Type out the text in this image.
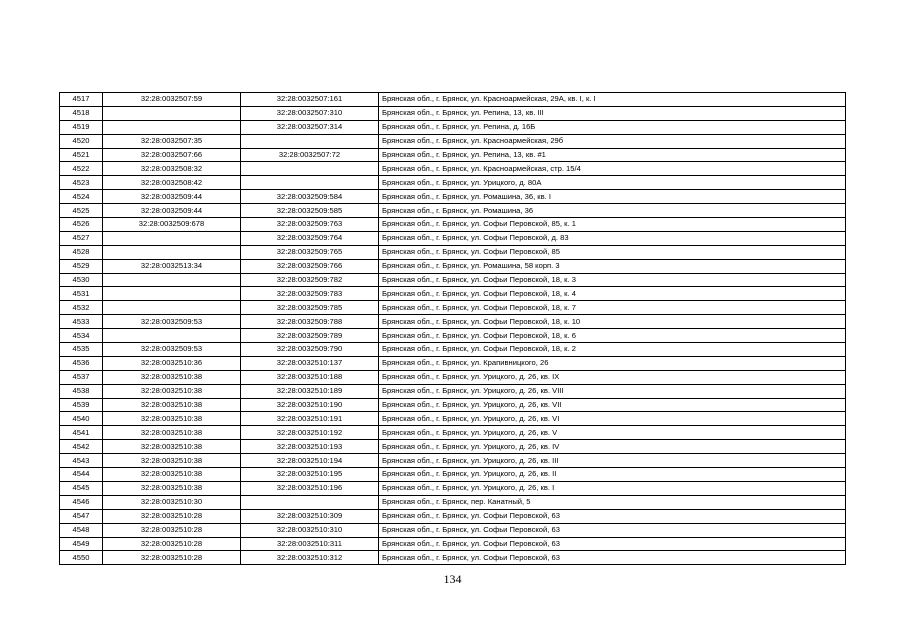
4517	32:28:0032507:59	32:28:0032507:161	Брянская обл., г. Брянск, ул. Красноармейская, 29А, кв. I, к. I
4518		32:28:0032507:310	Брянская обл., г. Брянск, ул. Репина, 13, кв. III
4519		32:28:0032507:314	Брянская обл., г. Брянск, ул. Репина, д. 16Б
4520	32:28:0032507:35		Брянская обл., г. Брянск, ул. Красноармейская, 29б
4521	32:28:0032507:66	32:28:0032507:72	Брянская обл., г. Брянск, ул. Репина, 13, кв. #1
4522	32:28:0032508:32		Брянская обл., г. Брянск, ул. Красноармейская, стр. 15/4
4523	32:28:0032508:42		Брянская обл., г. Брянск, ул. Урицкого, д. 80А
4524	32:28:0032509:44	32:28:0032509:584	Брянская обл., г. Брянск, ул. Ромашина, 36, кв. I
4525	32:28:0032509:44	32:28:0032509:585	Брянская обл., г. Брянск, ул. Ромашина, 36
4526	32:28:0032509:678	32:28:0032509:763	Брянская обл., г. Брянск, ул. Софьи Перовской, 85, к. 1
4527		32:28:0032509:764	Брянская обл., г. Брянск, ул. Софьи Перовской, д. 83
4528		32:28:0032509:765	Брянская обл., г. Брянск, ул. Софьи Перовской, 85
4529	32:28:0032513:34	32:28:0032509:766	Брянская обл., г. Брянск, ул. Ромашина, 58 корп. 3
4530		32:28:0032509:782	Брянская обл., г. Брянск, ул. Софьи Перовской, 18, к. 3
4531		32:28:0032509:783	Брянская обл., г. Брянск, ул. Софьи Перовской, 18, к. 4
4532		32:28:0032509:785	Брянская обл., г. Брянск, ул. Софьи Перовской, 18, к. 7
4533	32:28:0032509:53	32:28:0032509:788	Брянская обл., г. Брянск, ул. Софьи Перовской, 18, к. 10
4534		32:28:0032509:789	Брянская обл., г. Брянск, ул. Софьи Перовской, 18, к. 6
4535	32:28:0032509:53	32:28:0032509:790	Брянская обл., г. Брянск, ул. Софьи Перовской, 18, к. 2
4536	32:28:0032510:36	32:28:0032510:137	Брянская обл., г. Брянск, ул. Крапивницкого, 26
4537	32:28:0032510:38	32:28:0032510:188	Брянская обл., г. Брянск, ул. Урицкого, д. 26, кв. IX
4538	32:28:0032510:38	32:28:0032510:189	Брянская обл., г. Брянск, ул. Урицкого, д. 26, кв. VIII
4539	32:28:0032510:38	32:28:0032510:190	Брянская обл., г. Брянск, ул. Урицкого, д. 26, кв. VII
4540	32:28:0032510:38	32:28:0032510:191	Брянская обл., г. Брянск, ул. Урицкого, д. 26, кв. VI
4541	32:28:0032510:38	32:28:0032510:192	Брянская обл., г. Брянск, ул. Урицкого, д. 26, кв. V
4542	32:28:0032510:38	32:28:0032510:193	Брянская обл., г. Брянск, ул. Урицкого, д. 26, кв. IV
4543	32:28:0032510:38	32:28:0032510:194	Брянская обл., г. Брянск, ул. Урицкого, д. 26, кв. III
4544	32:28:0032510:38	32:28:0032510:195	Брянская обл., г. Брянск, ул. Урицкого, д. 26, кв. II
4545	32:28:0032510:38	32:28:0032510:196	Брянская обл., г. Брянск, ул. Урицкого, д. 26, кв. I
4546	32:28:0032510:30		Брянская обл., г. Брянск, пер. Канатный, 5
4547	32:28:0032510:28	32:28:0032510:309	Брянская обл., г. Брянск, ул. Софьи Перовской, 63
4548	32:28:0032510:28	32:28:0032510:310	Брянская обл., г. Брянск, ул. Софьи Перовской, 63
4549	32:28:0032510:28	32:28:0032510:311	Брянская обл., г. Брянск, ул. Софьи Перовской, 63
4550	32:28:0032510:28	32:28:0032510:312	Брянская обл., г. Брянск, ул. Софьи Перовской, 63
134
